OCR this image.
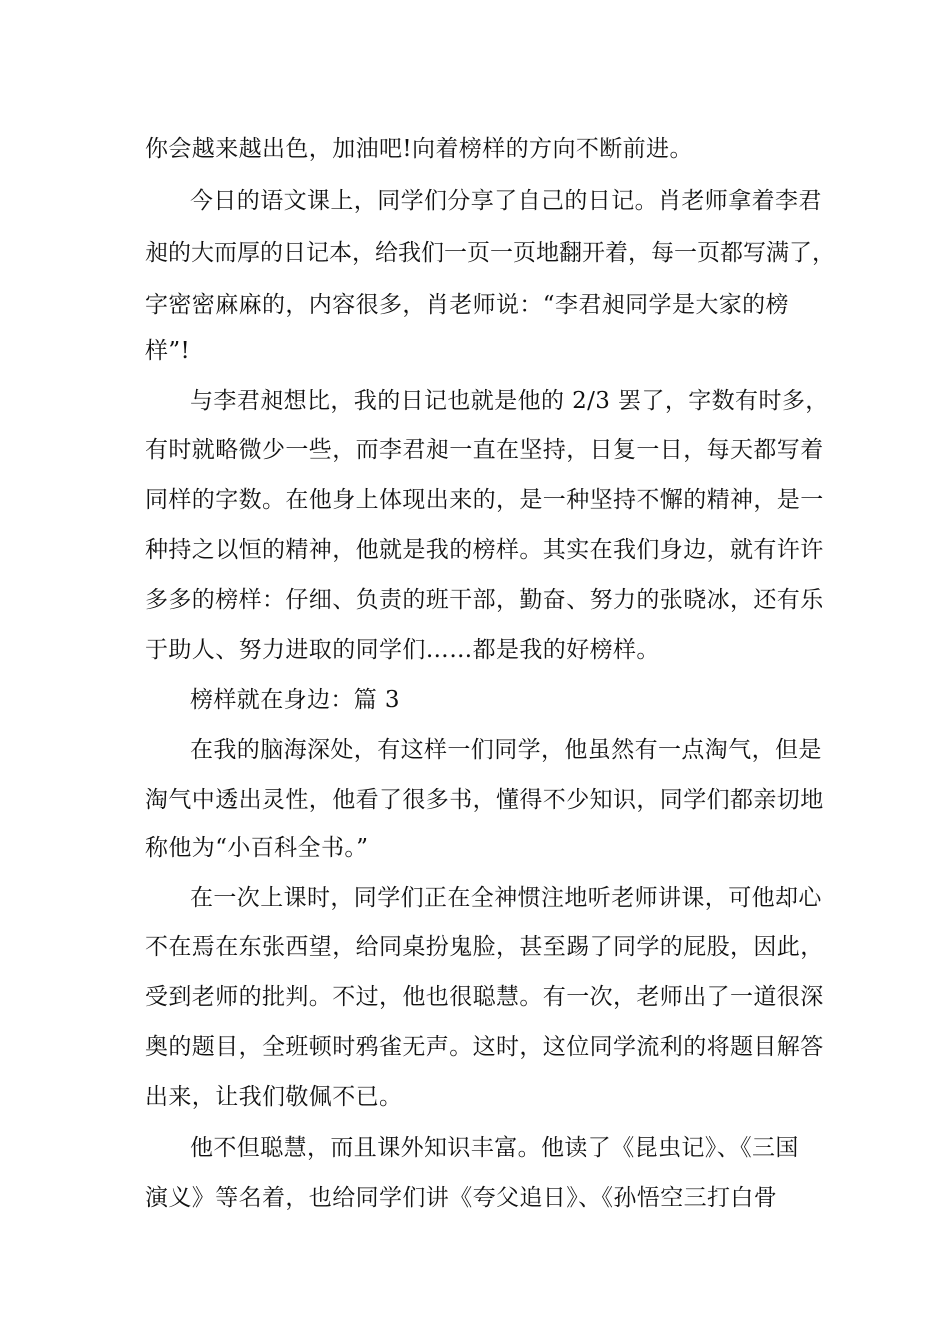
你会越来越出色，加油吧!向着榜样的方向不断前进。
今日的语文课上，同学们分享了自己的日记。肖老师拿着李君
昶的大而厚的日记本，给我们一页一页地翻开着，每一页都写满了，
字密密麻麻的，内容很多，肖老师说：“李君昶同学是大家的榜
样”!
与李君昶想比，我的日记也就是他的 2/3 罢了，字数有时多，
有时就略微少一些，而李君昶一直在坚持，日复一日，每天都写着
同样的字数。在他身上体现出来的，是一种坚持不懈的精神，是一
种持之以恒的精神，他就是我的榜样。其实在我们身边，就有许许
多多的榜样：仔细、负责的班干部，勤奋、努力的张晓冰，还有乐
于助人、努力进取的同学们……都是我的好榜样。
榜样就在身边：篇 3
在我的脑海深处，有这样一们同学，他虽然有一点淘气，但是
淘气中透出灵性，他看了很多书，懂得不少知识，同学们都亲切地
称他为“小百科全书。”
在一次上课时，同学们正在全神惯注地听老师讲课，可他却心
不在焉在东张西望，给同桌扮鬼脸，甚至踢了同学的屁股，因此，
受到老师的批判。不过，他也很聪慧。有一次，老师出了一道很深
奥的题目，全班顿时鸦雀无声。这时，这位同学流利的将题目解答
出来，让我们敬佩不已。
他不但聪慧，而且课外知识丰富。他读了《昆虫记》、《三国
演义》等名着，也给同学们讲《夸父追日》、《孙悟空三打白骨
